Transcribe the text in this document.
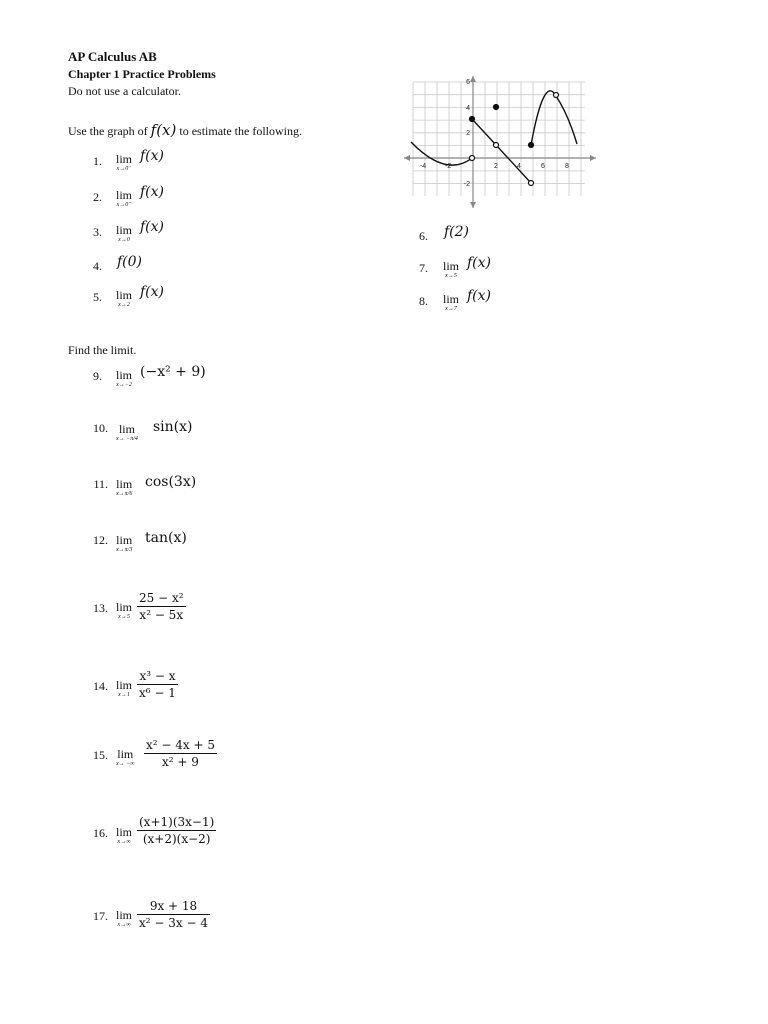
AP Calculus AB
Chapter 1 Practice Problems
Do not use a calculator.
Use the graph of f(x) to estimate the following.
-4	-2	2	4	6	8
6
4
2
-2
1. lim
x→0⁻
f(x)
2. lim
x→0⁻
f(x)
3. lim
x→0
f(x)
4. f(0)
5. lim
x→2
f(x)
6. f(2)
7. lim
x→5
f(x)
8. lim
x→7
f(x)
Find the limit.
9. lim
x→−2
(−x² + 9)
10. lim
x→ −π/4
sin(x)
11. lim
x→π/6
cos(3x)
12. lim
x→π/3
tan(x)
13. lim
$x\to 5 \frac{\text{25 − x²}}{\text{x² − 5x}}$
14. lim
$x\to 1 \frac{\text{x³ − x}}{\text{x⁶ − 1}}$
15. lim
x→ −∞ $\frac{\text{x² − 4x + 5}}{\text{x² + 9}}$
16. lim
$x\to\infty \frac{(x+1)(3x-1)}{(x+2)(x-2)}$
17. lim
$x\to\infty \frac{9x + 18}{\text{x² − 3x − 4}}$
